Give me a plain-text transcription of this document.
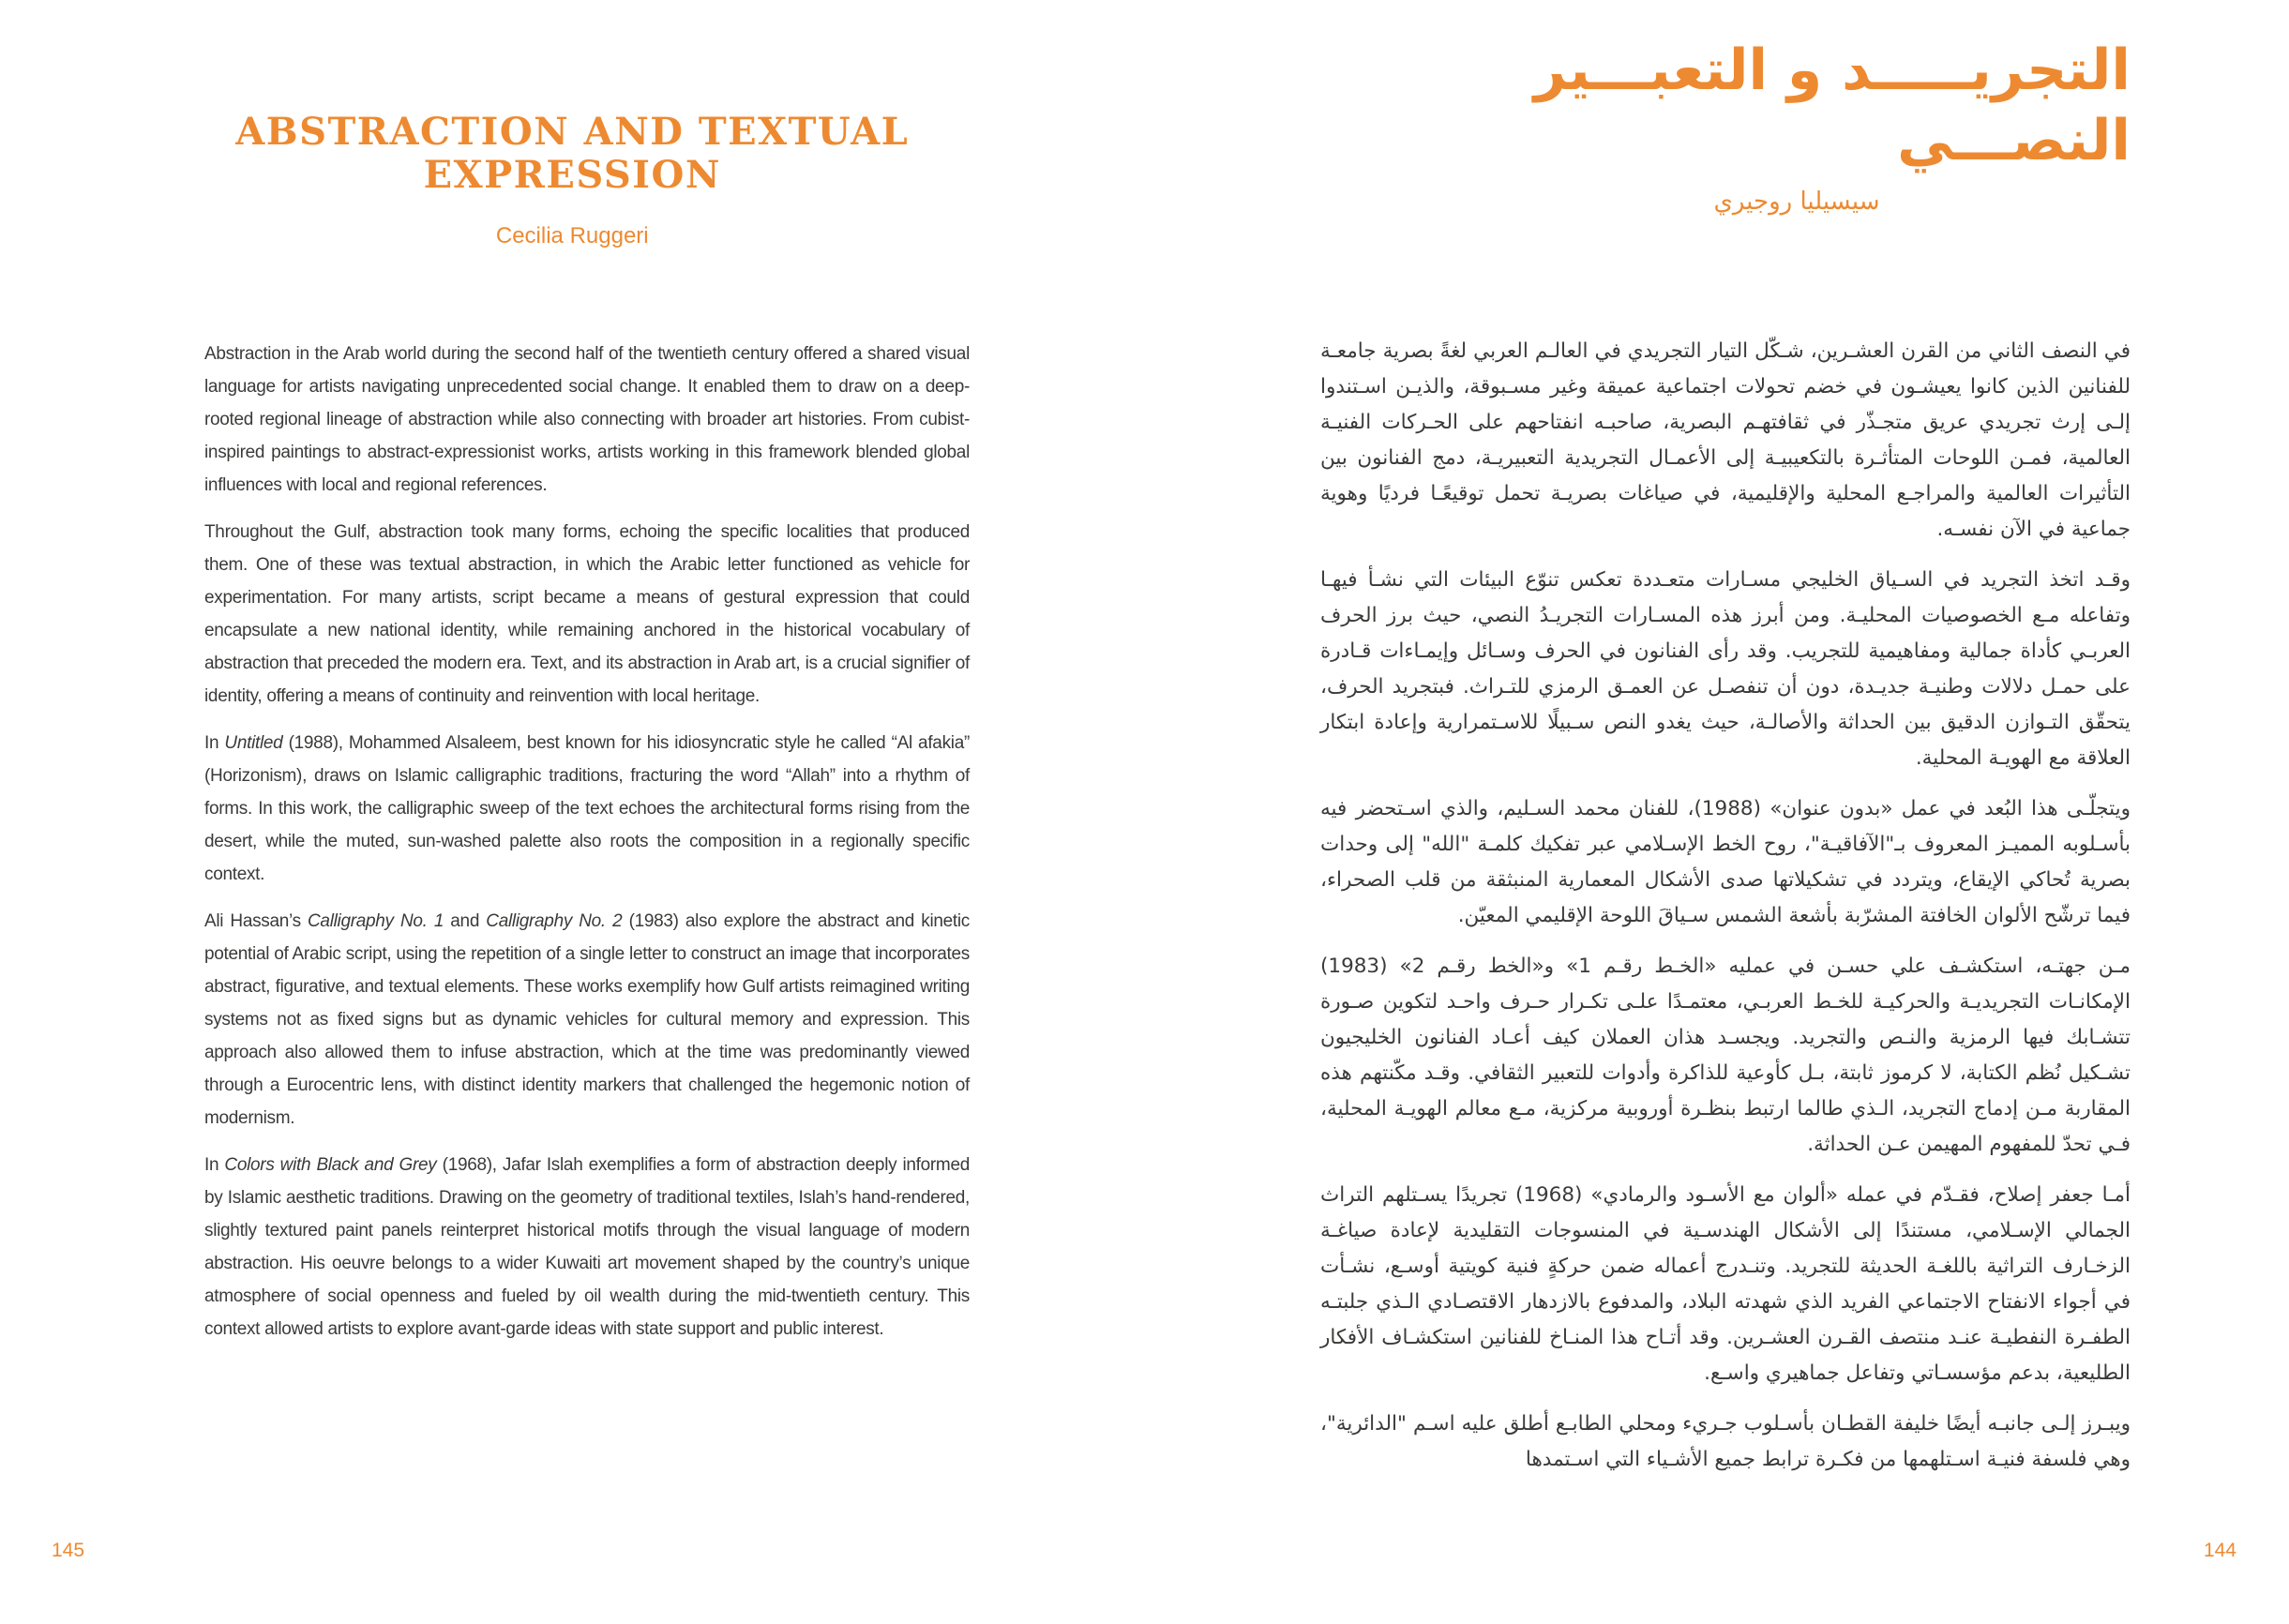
ABSTRACTION AND TEXTUAL EXPRESSION
Cecilia Ruggeri

Abstraction in the Arab world during the second half of the twentieth century offered a shared visual language for artists navigating unprecedented social change. It enabled them to draw on a deep-rooted regional lineage of abstraction while also connecting with broader art histories. From cubist-inspired paintings to abstract-expressionist works, artists working in this framework blended global influences with local and regional references.

Throughout the Gulf, abstraction took many forms, echoing the specific localities that produced them. One of these was textual abstraction, in which the Arabic letter functioned as vehicle for experimentation. For many artists, script became a means of gestural expression that could encapsulate a new national identity, while remaining anchored in the historical vocabulary of abstraction that preceded the modern era. Text, and its abstraction in Arab art, is a crucial signifier of identity, offering a means of continuity and reinvention with local heritage.

In Untitled (1988), Mohammed Alsaleem, best known for his idiosyncratic style he called “Al afakia” (Horizonism), draws on Islamic calligraphic traditions, fracturing the word “Allah” into a rhythm of forms. In this work, the calligraphic sweep of the text echoes the architectural forms rising from the desert, while the muted, sun-washed palette also roots the composition in a regionally specific context.

Ali Hassan’s Calligraphy No. 1 and Calligraphy No. 2 (1983) also explore the abstract and kinetic potential of Arabic script, using the repetition of a single letter to construct an image that incorporates abstract, figurative, and textual elements. These works exemplify how Gulf artists reimagined writing systems not as fixed signs but as dynamic vehicles for cultural memory and expression. This approach also allowed them to infuse abstraction, which at the time was predominantly viewed through a Eurocentric lens, with distinct identity markers that challenged the hegemonic notion of modernism.

In Colors with Black and Grey (1968), Jafar Islah exemplifies a form of abstraction deeply informed by Islamic aesthetic traditions. Drawing on the geometry of traditional textiles, Islah’s hand-rendered, slightly textured paint panels reinterpret historical motifs through the visual language of modern abstraction. His oeuvre belongs to a wider Kuwaiti art movement shaped by the country’s unique atmosphere of social openness and fueled by oil wealth during the mid-twentieth century. This context allowed artists to explore avant-garde ideas with state support and public interest.

145
التجريـــــد و التعبـــير النصـــي
سيسيليا روجيري

في النصف الثاني من القرن العشـرين، شـكّل التيار التجريدي في العالـم العربي لغةً بصرية جامعـة للفنانين الذين كانوا يعيشـون في خضم تحولات اجتماعية عميقة وغير مسـبوقة، والذيـن اسـتندوا إلـى إرث تجريدي عريق متجـذّر في ثقافتهـم البصرية، صاحبـه انفتاحهم على الحـركات الفنيـة العالمية، فمـن اللوحات المتأثـرة بالتكعيبيـة إلى الأعمـال التجريدية التعبيريـة، دمج الفنانون بين التأثيرات العالمية والمراجـع المحلية والإقليمية، في صياغات بصريـة تحمل توقيعًـا فرديًا وهوية جماعية في الآن نفسـه.

وقـد اتخذ التجريد في السـياق الخليجي مسـارات متعـددة تعكس تنوّع البيئات التي نشـأ فيهـا وتفاعله مـع الخصوصيات المحليـة. ومن أبرز هذه المسـارات التجريـدُ النصي، حيث برز الحرف العربـي كأداة جمالية ومفاهيمية للتجريب. وقد رأى الفنانون في الحرف وسـائل وإيمـاءات قـادرة على حمـل دلالات وطنيـة جديـدة، دون أن تنفصـل عن العمـق الرمزي للتـراث. فبتجريد الحرف، يتحقّق التـوازن الدقيق بين الحداثة والأصالـة، حيث يغدو النص سـبيلًا للاسـتمرارية وإعادة ابتكار العلاقة مع الهويـة المحلية.

ويتجلّـى هذا البُعد في عمل «بدون عنوان» (1988)، للفنان محمد السـليم، والذي اسـتحضر فيه بأسـلوبه المميـز المعروف بـ"الآفاقيـة"، روح الخط الإسـلامي عبر تفكيك كلمـة "الله" إلى وحدات بصرية تُحاكي الإيقاع، ويتردد في تشكيلاتها صدى الأشكال المعمارية المنبثقة من قلب الصحراء، فيما ترشّح الألوان الخافتة المشرّبة بأشعة الشمس سـياقَ اللوحة الإقليمي المعيّن.

مـن جهتـه، استكشـف علي حسـن في عمليه «الخـط رقـم 1» و«الخط رقـم 2» (1983) الإمكانـات التجريديـة والحركيـة للخـط العربـي، معتمـدًا علـى تكـرار حـرف واحـد لتكوين صـورة تتشـابك فيها الرمزية والنـص والتجريد. ويجسـد هذان العملان كيف أعـاد الفنانون الخليجيون تشـكيل نُظم الكتابة، لا كرموز ثابتة، بـل كأوعية للذاكرة وأدوات للتعبير الثقافي. وقـد مكّنتهم هذه المقاربة مـن إدماج التجريد، الـذي طالما ارتبط بنظـرة أوروبية مركزية، مـع معالم الهويـة المحلية، فـي تحدّ للمفهوم المهيمن عـن الحداثة.

أمـا جعفر إصلاح، فقـدّم في عمله «ألوان مع الأسـود والرمادي» (1968) تجريدًا يسـتلهم التراث الجمالي الإسـلامي، مستندًا إلى الأشكال الهندسـية في المنسوجات التقليدية لإعادة صياغـة الزخـارف التراثية باللغـة الحديثة للتجريد. وتنـدرج أعماله ضمن حركةٍ فنية كويتية أوسـع، نشـأت في أجواء الانفتاح الاجتماعي الفريد الذي شهدته البلاد، والمدفوع بالازدهار الاقتصـادي الـذي جلبتـه الطفـرة النفطيـة عنـد منتصف القـرن العشـرين. وقد أتـاح هذا المنـاخ للفنانين استكشـاف الأفكار الطليعية، بدعم مؤسسـاتي وتفاعل جماهيري واسـع.

ويبـرز إلـى جانبـه أيضًا خليفة القطـان بأسـلوب جـريء ومحلي الطابـع أطلق عليه اسـم "الدائرية"، وهي فلسفة فنيـة اسـتلهمها من فكـرة ترابط جميع الأشـياء التي اسـتمدها

144
